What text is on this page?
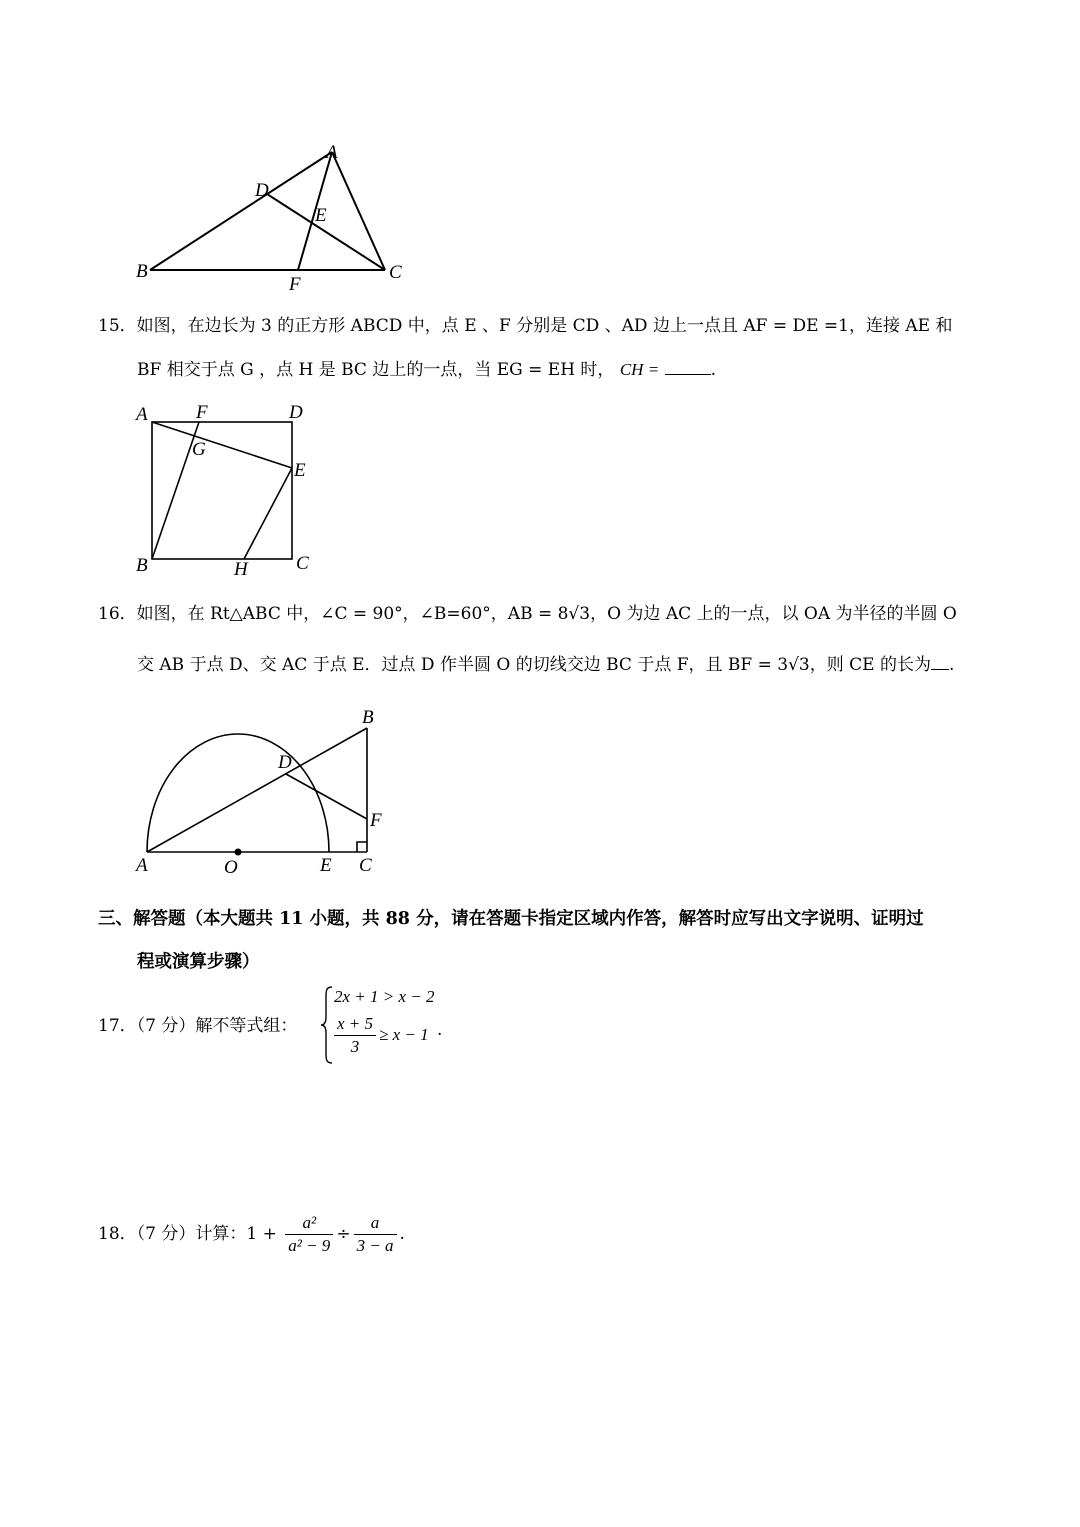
A
B	C
D
E
F
15．如图，在边长为 3 的正方形 ABCD 中，点 E 、F 分别是 CD 、AD 边上一点且 AF = DE =1，连接 AE 和
BF 相交于点 G ，点 H 是 BC 边上的一点，当 EG = EH 时， CH =	.
A	F	D
G
E
B	H	C
16．如图，在 Rt△ABC 中，∠C = 90°，∠B=60°，AB = 8√3，O 为边 AC 上的一点，以 OA 为半径的半圆 O
交 AB 于点 D、交 AC 于点 E．过点 D 作半圆 O 的切线交边 BC 于点 F，且 BF = 3√3，则 CE 的长为 .
B
D
F
A	O	E C
三、解答题（本大题共 11 小题，共 88 分，请在答题卡指定区域内作答，解答时应写出文字说明、证明过
程或演算步骤）
17．（7 分）解不等式组：
2x + 1 > x − 2
$\frac{x + 5}{3} \ge x - 1$ .
18．（7 分）计算：$1 + \frac{\text{a²}}{\text{a² − 9}} \div \frac{a}{3 - a}$ .
